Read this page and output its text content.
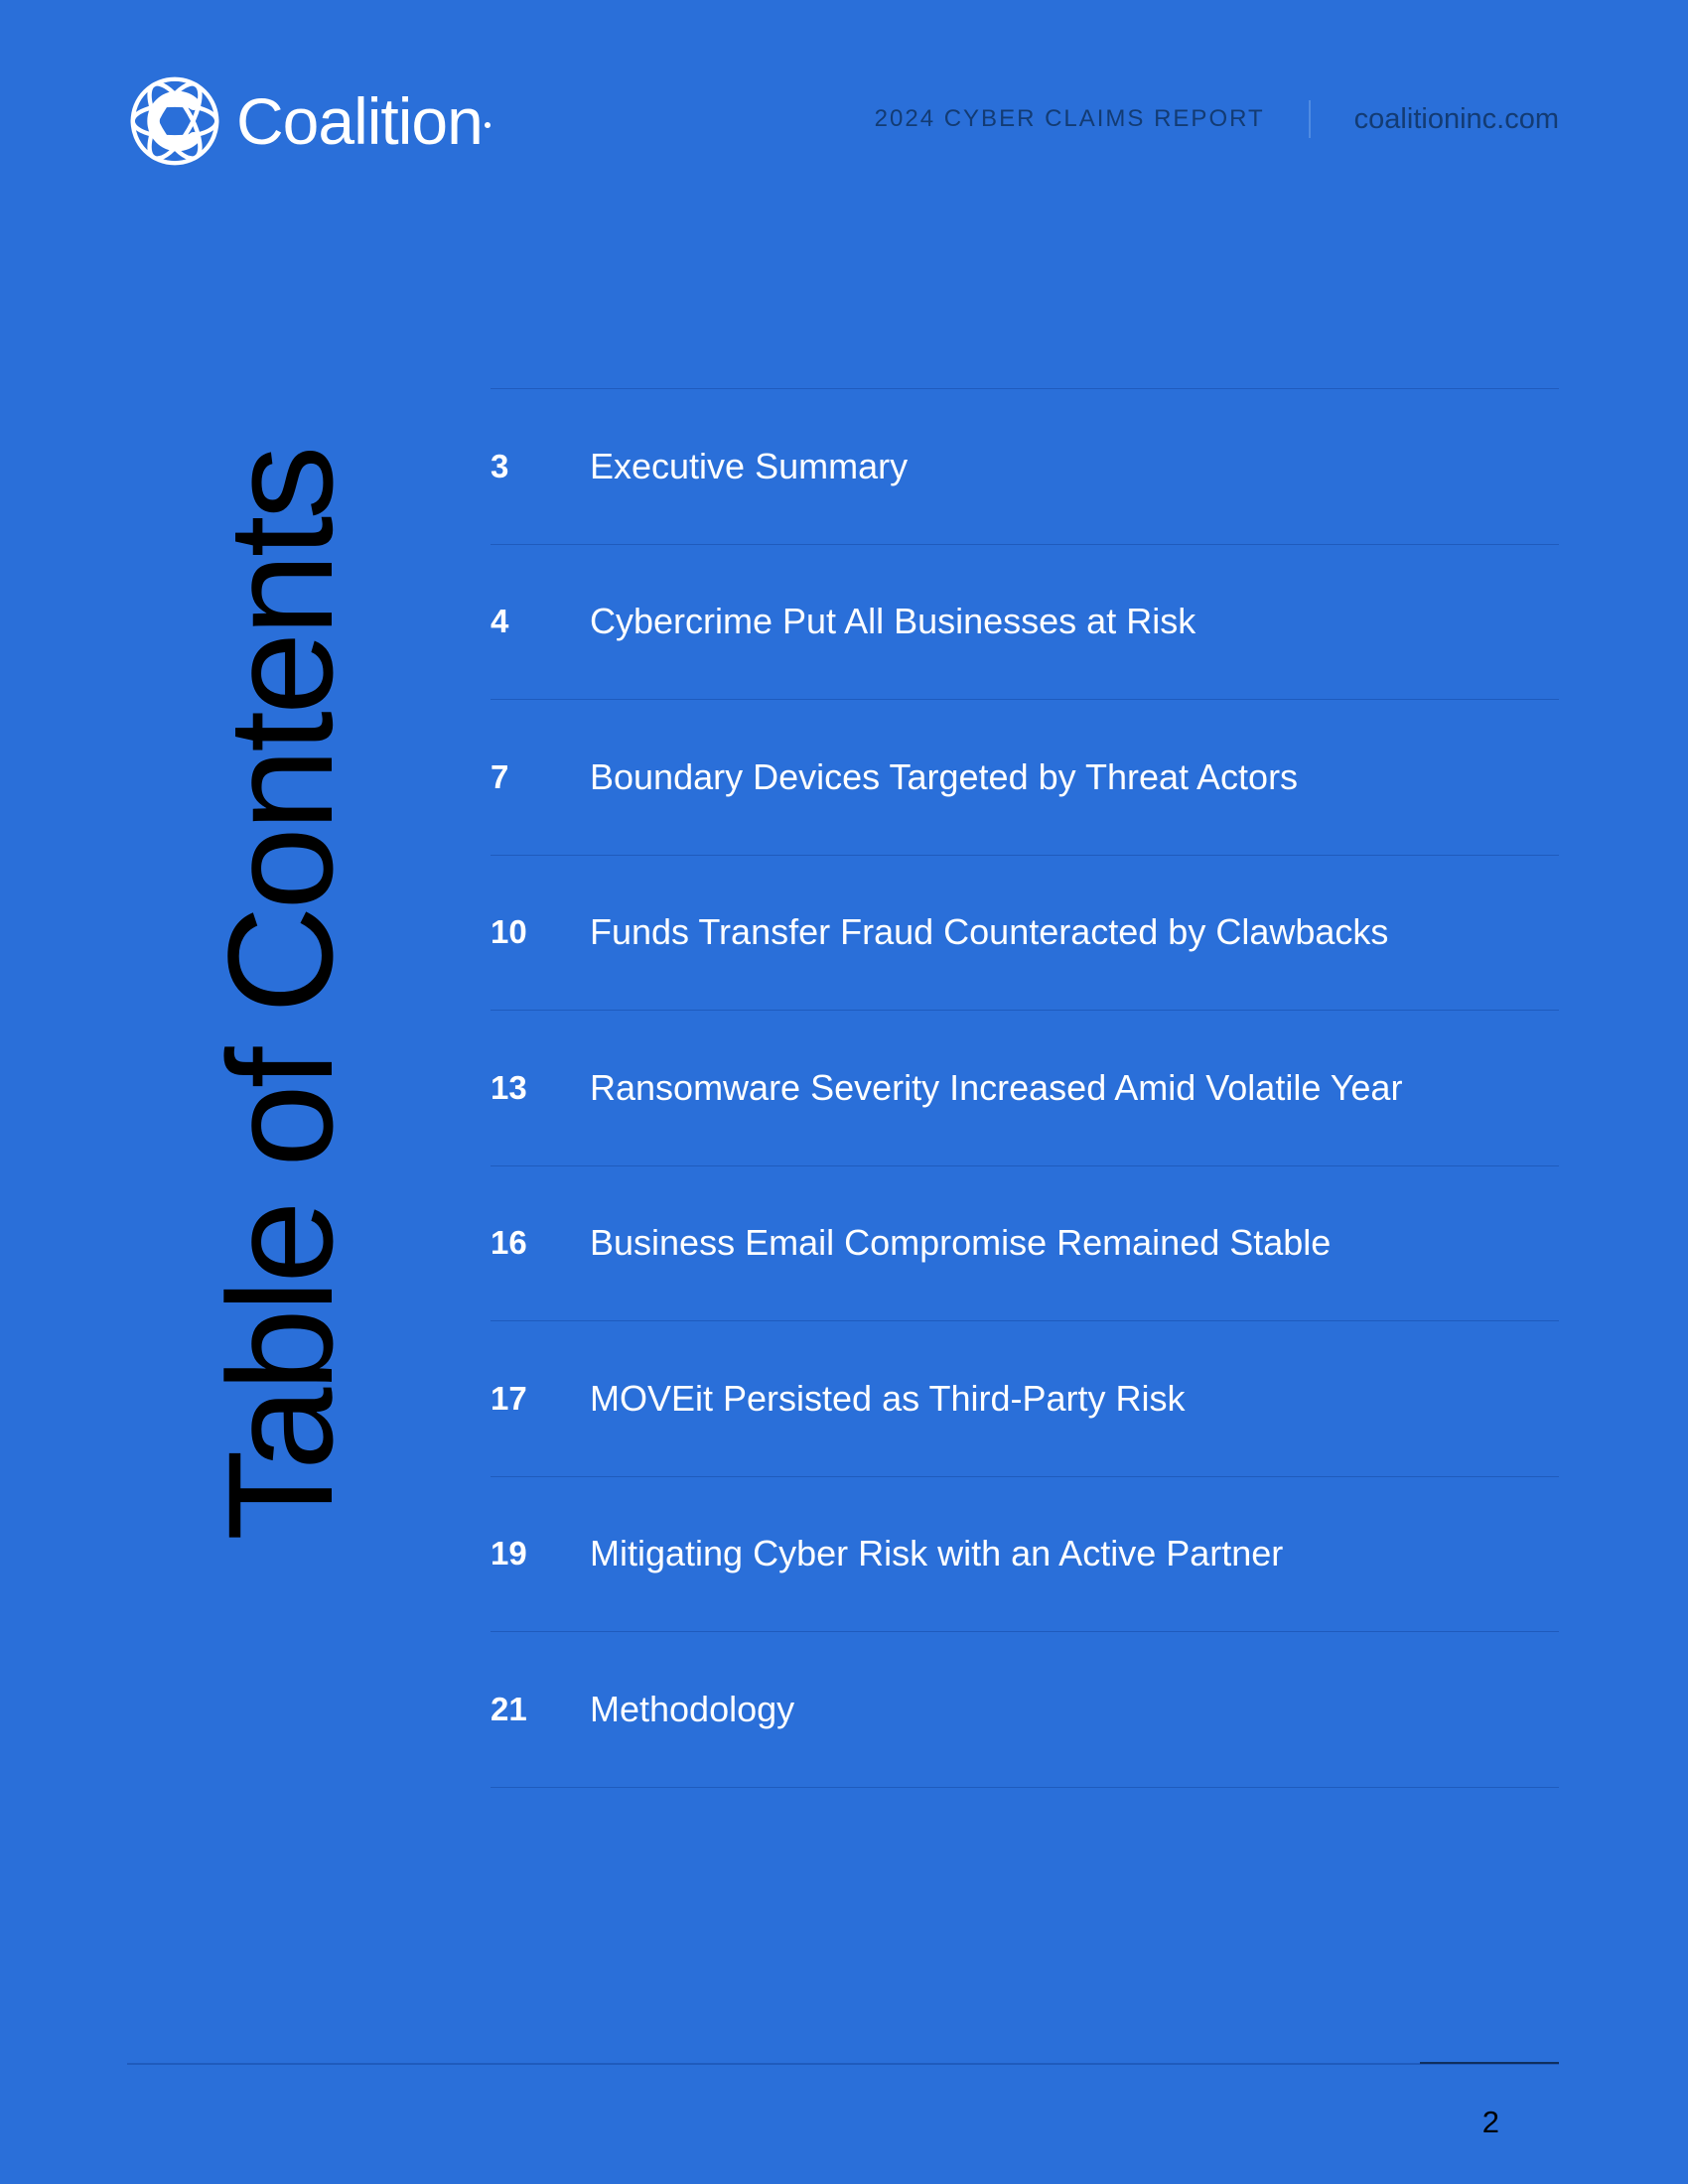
Coalition	2024 CYBER CLAIMS REPORT	coalitioninc.com
Table of Contents	3	Executive Summary
4	Cybercrime Put All Businesses at Risk
7	Boundary Devices Targeted by Threat Actors
10	Funds Transfer Fraud Counteracted by Clawbacks
13	Ransomware Severity Increased Amid Volatile Year
16	Business Email Compromise Remained Stable
17	MOVEit Persisted as Third-Party Risk
19	Mitigating Cyber Risk with an Active Partner
21	Methodology
2
